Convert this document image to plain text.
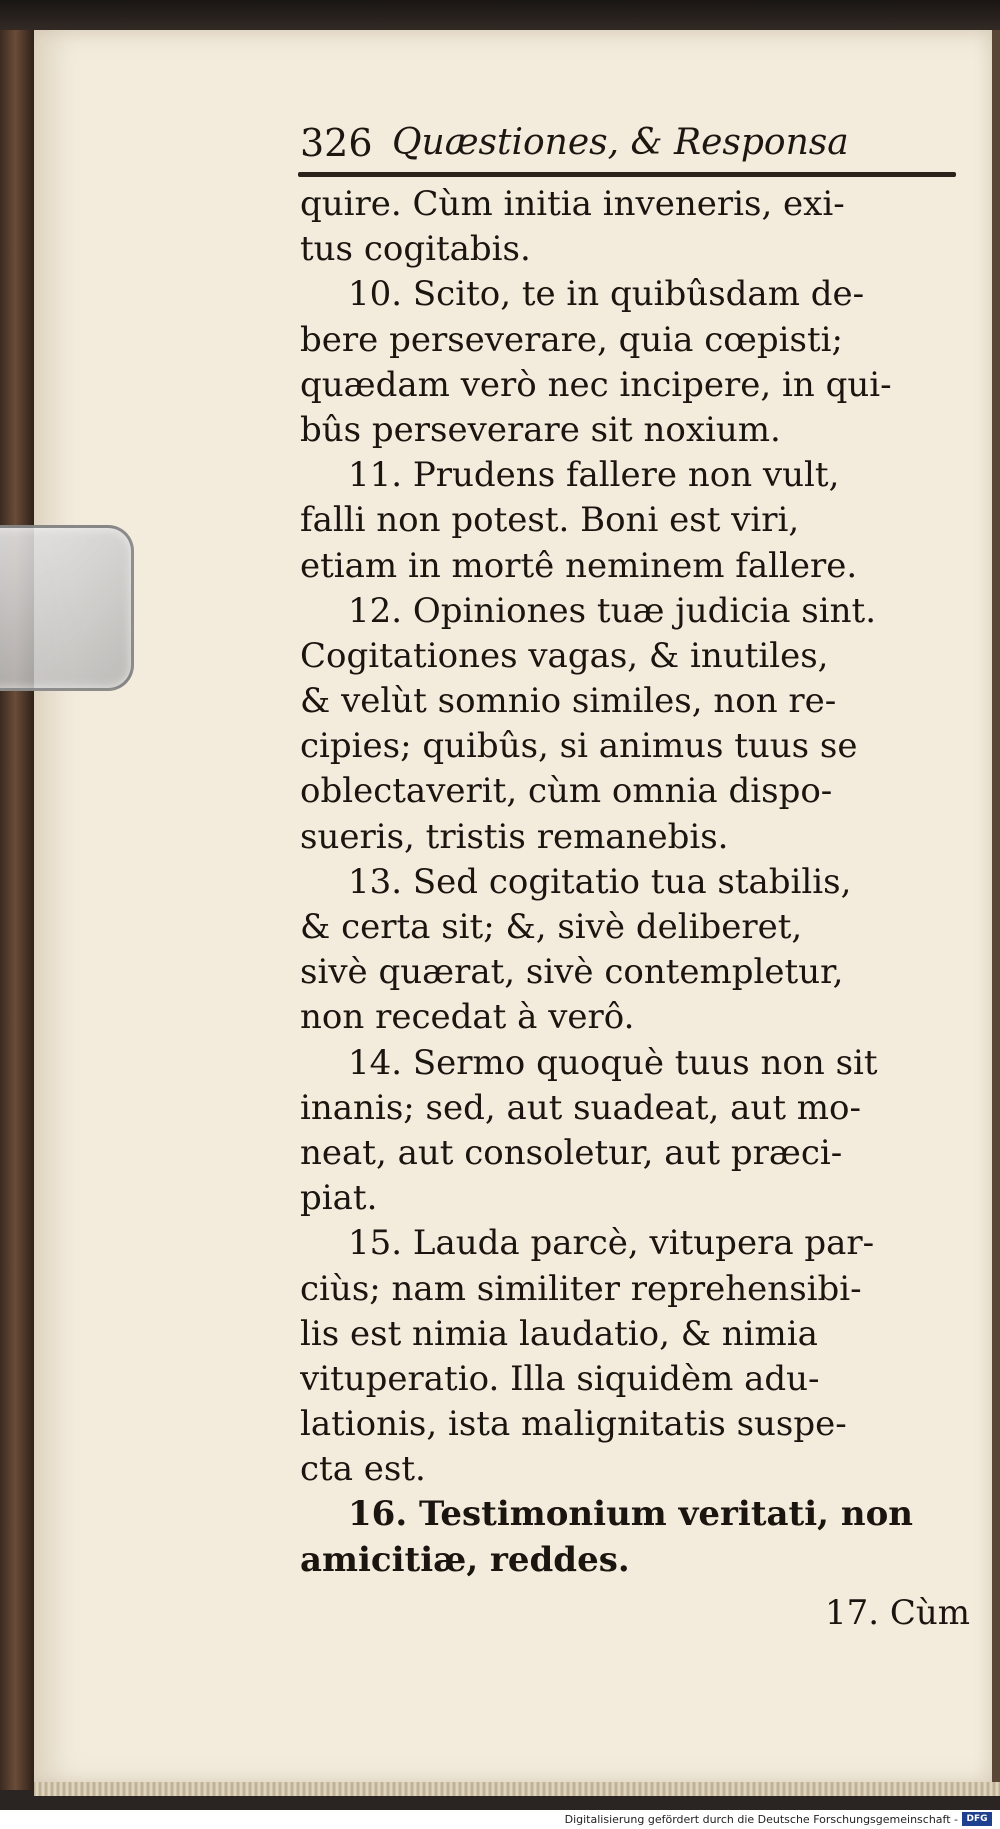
326 Quæstiones, & Responsa
quire. Cùm initia inveneris, exi-
tus cogitabis.
10. Scito, te in quibûsdam de-
bere perseverare, quia cœpisti;
quædam verò nec incipere, in qui-
bûs perseverare sit noxium.
11. Prudens fallere non vult,
falli non potest. Boni est viri,
etiam in mortê neminem fallere.
12. Opiniones tuæ judicia sint.
Cogitationes vagas, & inutiles,
& velùt somnio similes, non re-
cipies; quibûs, si animus tuus se
oblectaverit, cùm omnia dispo-
sueris, tristis remanebis.
13. Sed cogitatio tua stabilis,
& certa sit; &, sivè deliberet,
sivè quærat, sivè contempletur,
non recedat à verô.
14. Sermo quoquè tuus non sit
inanis; sed, aut suadeat, aut mo-
neat, aut consoletur, aut præci-
piat.
15. Lauda parcè, vitupera par-
ciùs; nam similiter reprehensibi-
lis est nimia laudatio, & nimia
vituperatio. Illa siquidèm adu-
lationis, ista malignitatis suspe-
cta est.
16. Testimonium veritati, non
amicitiæ, reddes.
17. Cùm
Digitalisierung gefördert durch die Deutsche Forschungsgemeinschaft - DFG
